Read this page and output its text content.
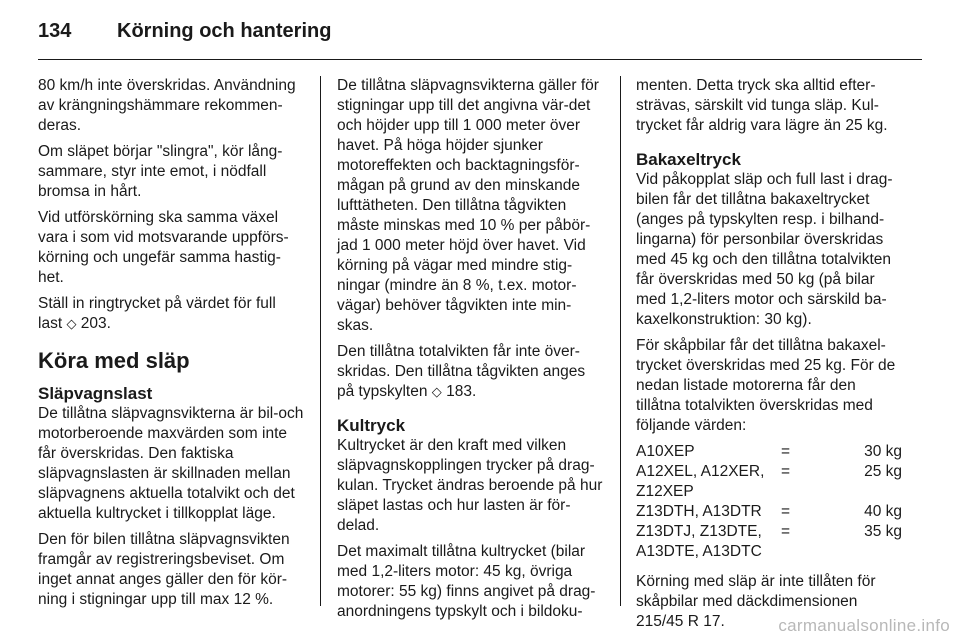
134	Körning och hantering

80 km/h inte överskridas. Användning av krängningshämmare rekommen-deras.

Om släpet börjar "slingra", kör lång-sammare, styr inte emot, i nödfall bromsa in hårt.

Vid utförskörning ska samma växel vara i som vid motsvarande uppförs-körning och ungefär samma hastig-het.

Ställ in ringtrycket på värdet för full last ◇ 203.

Köra med släp
Släpvagnslast

De tillåtna släpvagnsvikterna är bil-och motorberoende maxvärden som inte får överskridas. Den faktiska släpvagnslasten är skillnaden mellan släpvagnens aktuella totalvikt och det aktuella kultrycket i tillkopplat läge.

Den för bilen tillåtna släpvagnsvikten framgår av registreringsbeviset. Om inget annat anges gäller den för kör-ning i stigningar upp till max 12 %.

De tillåtna släpvagnsvikterna gäller för stigningar upp till det angivna vär-det och höjder upp till 1 000 meter över havet. På höga höjder sjunker motoreffekten och backtagningsför-mågan på grund av den minskande lufttätheten. Den tillåtna tågvikten måste minskas med 10 % per påbör-jad 1 000 meter höjd över havet. Vid körning på vägar med mindre stig-ningar (mindre än 8 %, t.ex. motor-vägar) behöver tågvikten inte min-skas.

Den tillåtna totalvikten får inte över-skridas. Den tillåtna tågvikten anges på typskylten ◇ 183.

Kultryck

Kultrycket är den kraft med vilken släpvagnskopplingen trycker på drag-kulan. Trycket ändras beroende på hur släpet lastas och hur lasten är för-delad.

Det maximalt tillåtna kultrycket (bilar med 1,2-liters motor: 45 kg, övriga motorer: 55 kg) finns angivet på drag-anordningens typskylt och i bildoku-

menten. Detta tryck ska alltid efter-strävas, särskilt vid tunga släp. Kul-trycket får aldrig vara lägre än 25 kg.

Bakaxeltryck

Vid påkopplat släp och full last i drag-bilen får det tillåtna bakaxeltrycket (anges på typskylten resp. i bilhand-lingarna) för personbilar överskridas med 45 kg och den tillåtna totalvikten får överskridas med 50 kg (på bilar med 1,2-liters motor och särskild ba-kaxelkonstruktion: 30 kg).

För skåpbilar får det tillåtna bakaxel-trycket överskridas med 25 kg. För de nedan listade motorerna får den tillåtna totalvikten överskridas med följande värden:

A10XEP	=	30 kg
A12XEL, A12XER, Z12XEP	=	25 kg
Z13DTH, A13DTR	=	40 kg
Z13DTJ, Z13DTE, A13DTE, A13DTC	=	35 kg

Körning med släp är inte tillåten för skåpbilar med däckdimensionen 215/45 R 17.	carmanualsonline.info
